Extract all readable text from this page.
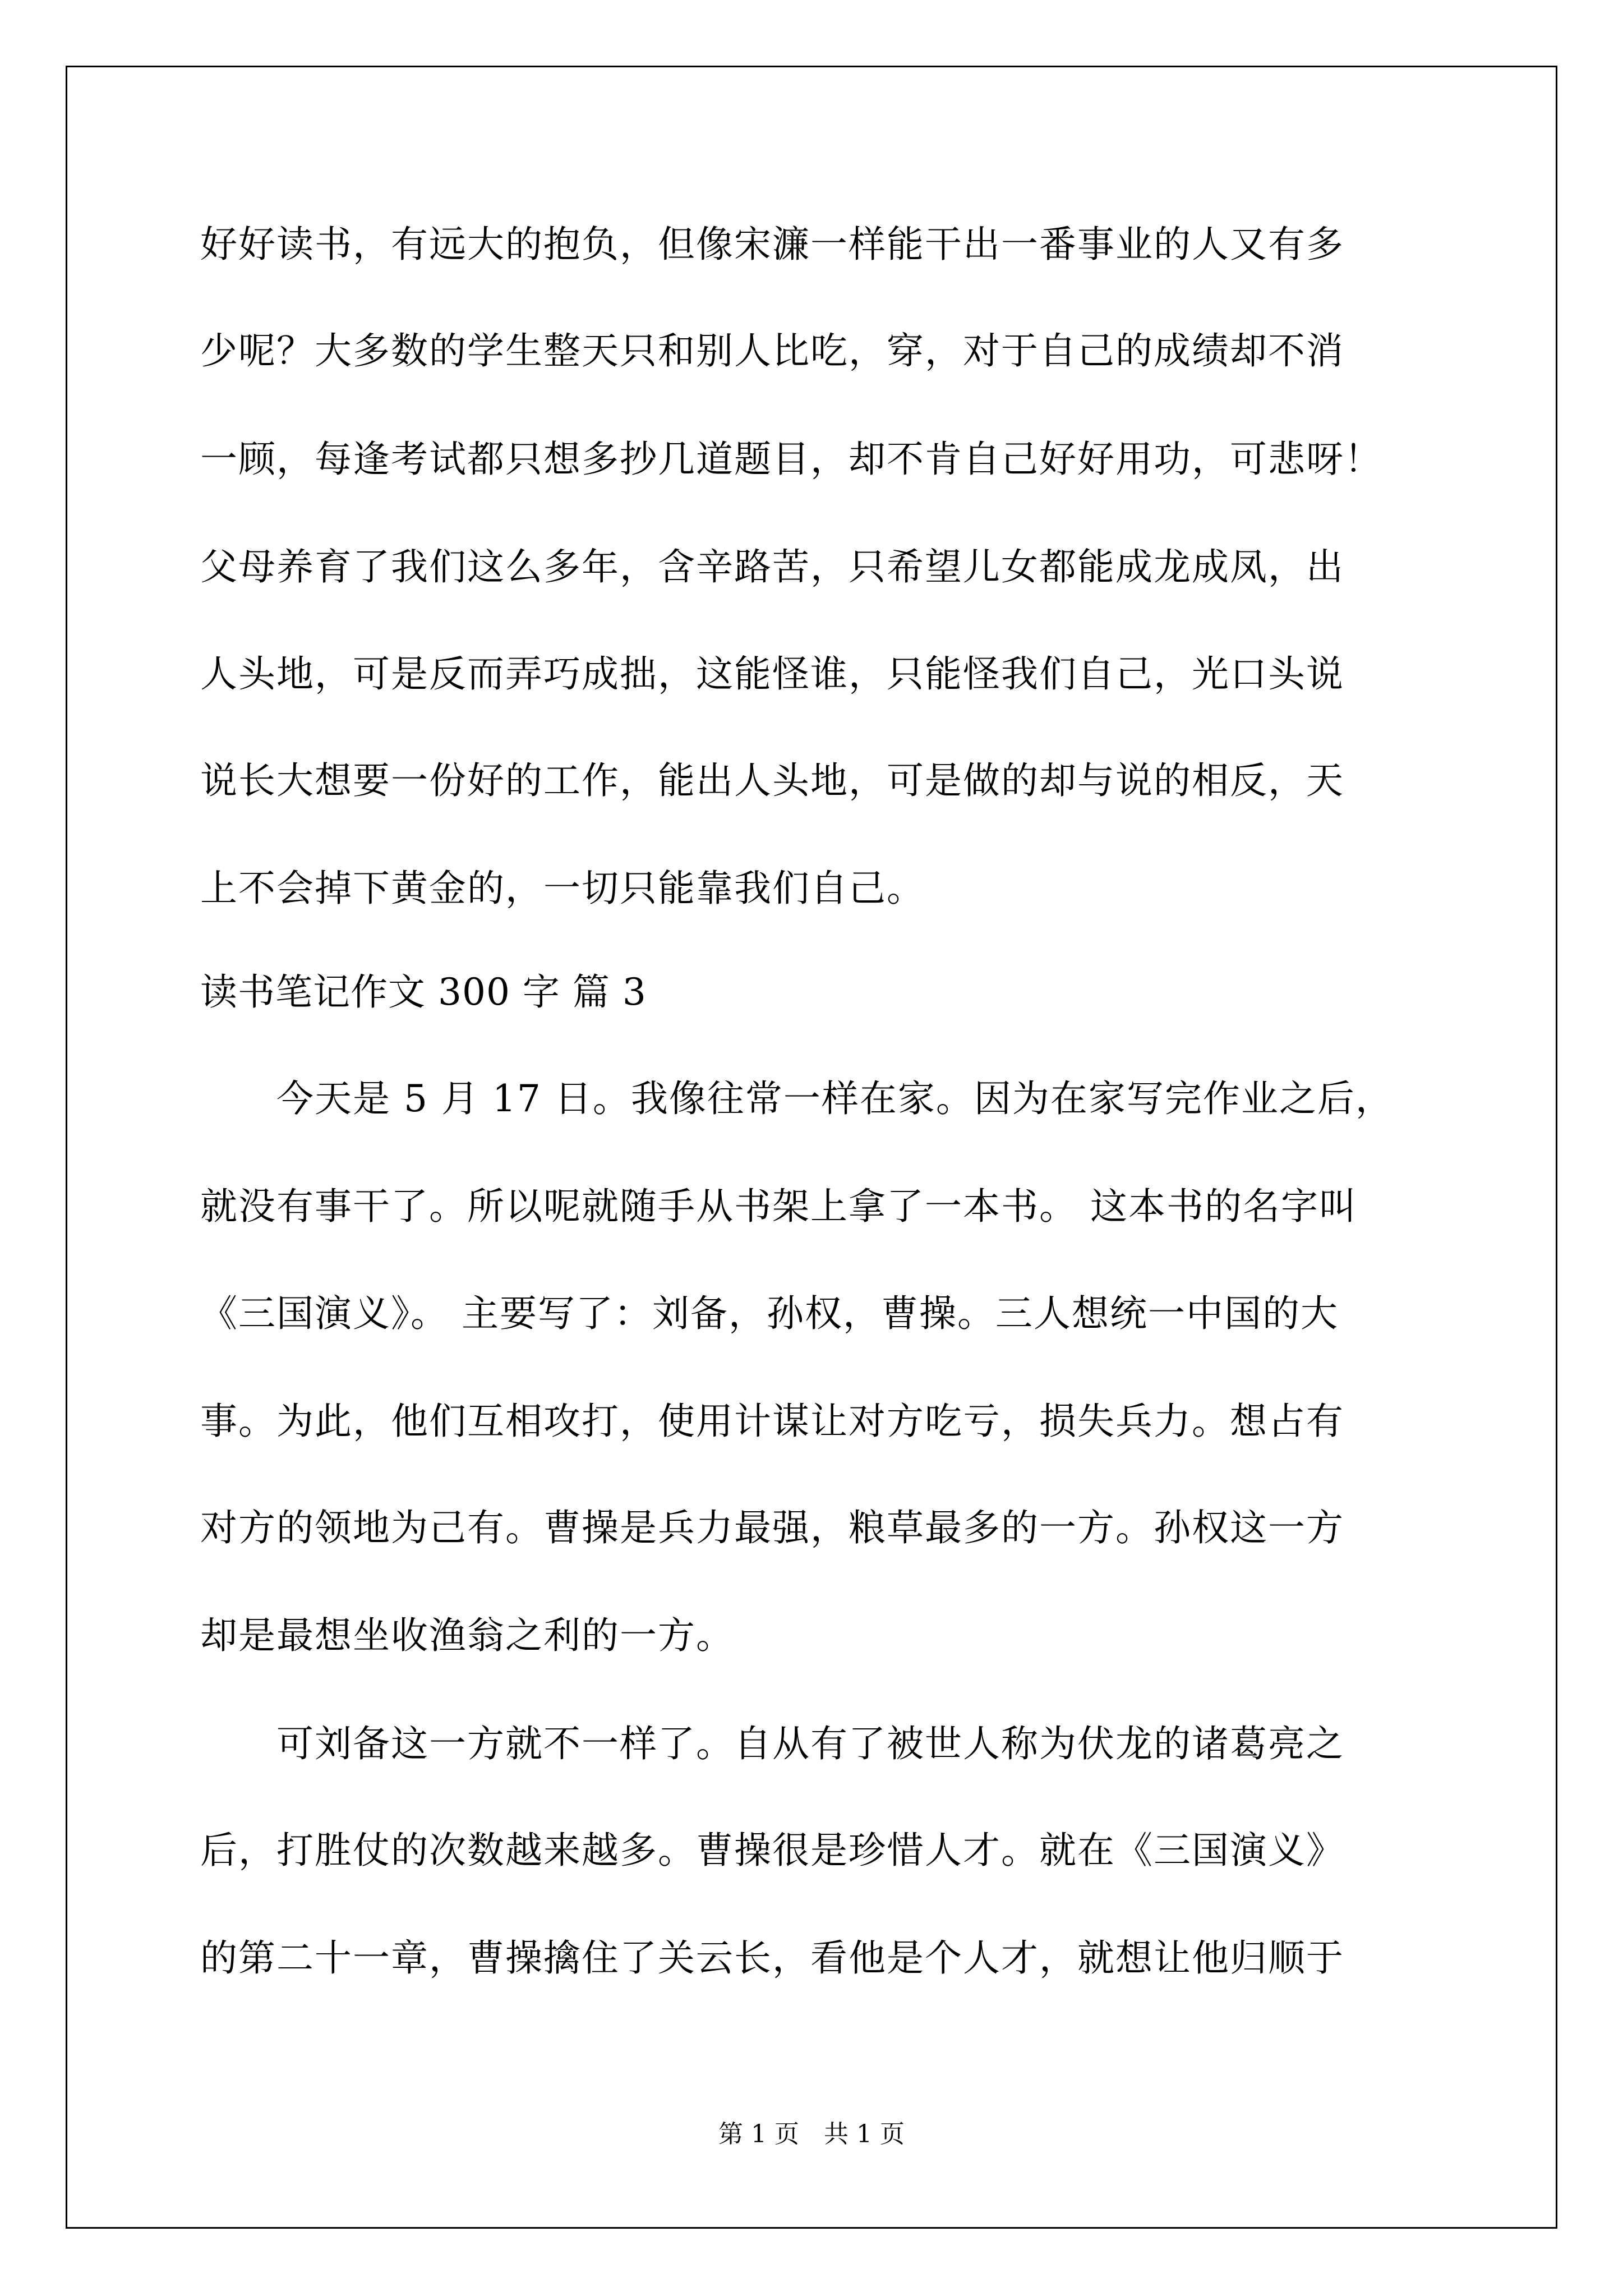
好好读书，有远大的抱负，但像宋濂一样能干出一番事业的人又有多
少呢？大多数的学生整天只和别人比吃，穿，对于自己的成绩却不消
一顾，每逢考试都只想多抄几道题目，却不肯自己好好用功，可悲呀！
父母养育了我们这么多年，含辛路苦，只希望儿女都能成龙成凤，出
人头地，可是反而弄巧成拙，这能怪谁，只能怪我们自己，光口头说
说长大想要一份好的工作，能出人头地，可是做的却与说的相反，天
上不会掉下黄金的，一切只能靠我们自己。
读书笔记作文 300 字 篇 3
　　今天是 5 月 17 日。我像往常一样在家。因为在家写完作业之后，
就没有事干了。所以呢就随手从书架上拿了一本书。 这本书的名字叫
《三国演义》。 主要写了：刘备，孙权，曹操。三人想统一中国的大
事。为此，他们互相攻打，使用计谋让对方吃亏，损失兵力。想占有
对方的领地为己有。曹操是兵力最强，粮草最多的一方。孙权这一方
却是最想坐收渔翁之利的一方。
　　可刘备这一方就不一样了。自从有了被世人称为伏龙的诸葛亮之
后，打胜仗的次数越来越多。曹操很是珍惜人才。就在《三国演义》
的第二十一章，曹操擒住了关云长，看他是个人才，就想让他归顺于
第 1 页　共 1 页
